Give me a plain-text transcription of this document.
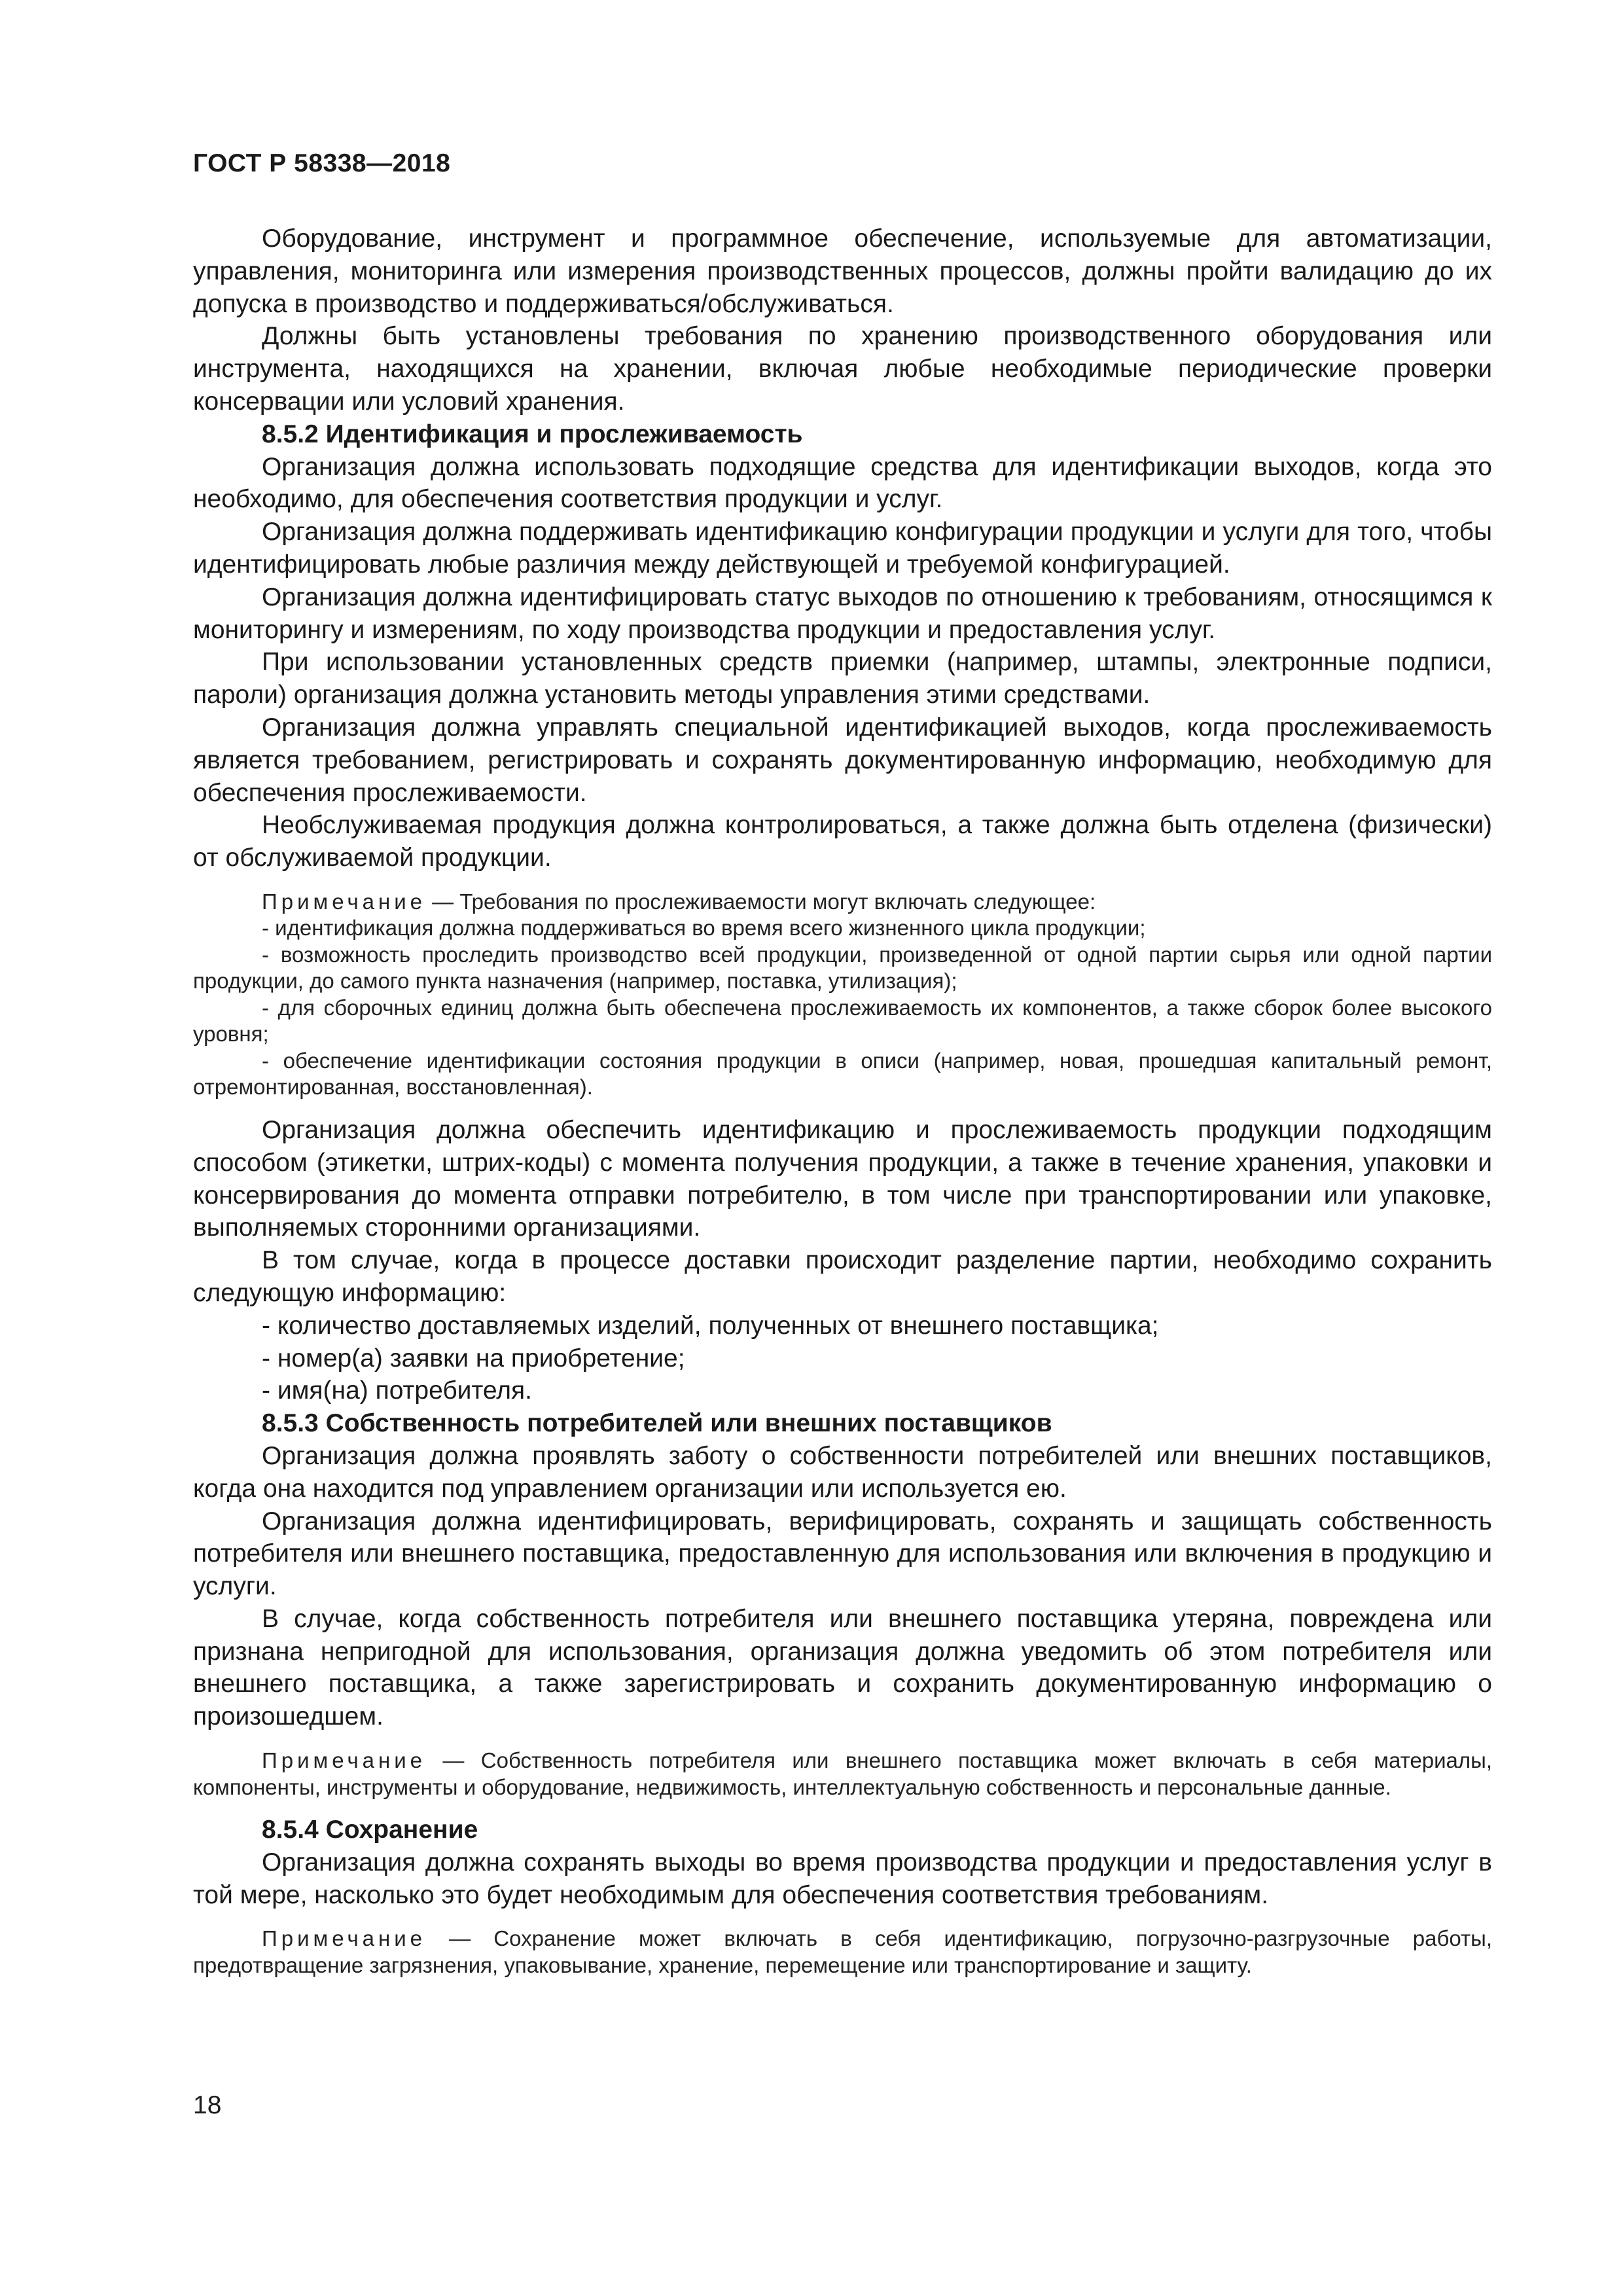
ГОСТ Р 58338—2018

Оборудование, инструмент и программное обеспечение, используемые для автоматизации, управления, мониторинга или измерения производственных процессов, должны пройти валидацию до их допуска в производство и поддерживаться/обслуживаться.

Должны быть установлены требования по хранению производственного оборудования или инструмента, находящихся на хранении, включая любые необходимые периодические проверки консервации или условий хранения.

8.5.2 Идентификация и прослеживаемость

Организация должна использовать подходящие средства для идентификации выходов, когда это необходимо, для обеспечения соответствия продукции и услуг.

Организация должна поддерживать идентификацию конфигурации продукции и услуги для того, чтобы идентифицировать любые различия между действующей и требуемой конфигурацией.

Организация должна идентифицировать статус выходов по отношению к требованиям, относящимся к мониторингу и измерениям, по ходу производства продукции и предоставления услуг.

При использовании установленных средств приемки (например, штампы, электронные подписи, пароли) организация должна установить методы управления этими средствами.

Организация должна управлять специальной идентификацией выходов, когда прослеживаемость является требованием, регистрировать и сохранять документированную информацию, необходимую для обеспечения прослеживаемости.

Необслуживаемая продукция должна контролироваться, а также должна быть отделена (физически) от обслуживаемой продукции.

Примечание — Требования по прослеживаемости могут включать следующее:

- идентификация должна поддерживаться во время всего жизненного цикла продукции;

- возможность проследить производство всей продукции, произведенной от одной партии сырья или одной партии продукции, до самого пункта назначения (например, поставка, утилизация);

- для сборочных единиц должна быть обеспечена прослеживаемость их компонентов, а также сборок более высокого уровня;

- обеспечение идентификации состояния продукции в описи (например, новая, прошедшая капитальный ремонт, отремонтированная, восстановленная).

Организация должна обеспечить идентификацию и прослеживаемость продукции подходящим способом (этикетки, штрих-коды) с момента получения продукции, а также в течение хранения, упаковки и консервирования до момента отправки потребителю, в том числе при транспортировании или упаковке, выполняемых сторонними организациями.

В том случае, когда в процессе доставки происходит разделение партии, необходимо сохранить следующую информацию:

- количество доставляемых изделий, полученных от внешнего поставщика;

- номер(а) заявки на приобретение;

- имя(на) потребителя.

8.5.3 Собственность потребителей или внешних поставщиков

Организация должна проявлять заботу о собственности потребителей или внешних поставщиков, когда она находится под управлением организации или используется ею.

Организация должна идентифицировать, верифицировать, сохранять и защищать собственность потребителя или внешнего поставщика, предоставленную для использования или включения в продукцию и услуги.

В случае, когда собственность потребителя или внешнего поставщика утеряна, повреждена или признана непригодной для использования, организация должна уведомить об этом потребителя или внешнего поставщика, а также зарегистрировать и сохранить документированную информацию о произошедшем.

Примечание — Собственность потребителя или внешнего поставщика может включать в себя материалы, компоненты, инструменты и оборудование, недвижимость, интеллектуальную собственность и персональные данные.

8.5.4 Сохранение

Организация должна сохранять выходы во время производства продукции и предоставления услуг в той мере, насколько это будет необходимым для обеспечения соответствия требованиям.

Примечание — Сохранение может включать в себя идентификацию, погрузочно-разгрузочные работы, предотвращение загрязнения, упаковывание, хранение, перемещение или транспортирование и защиту.

18
